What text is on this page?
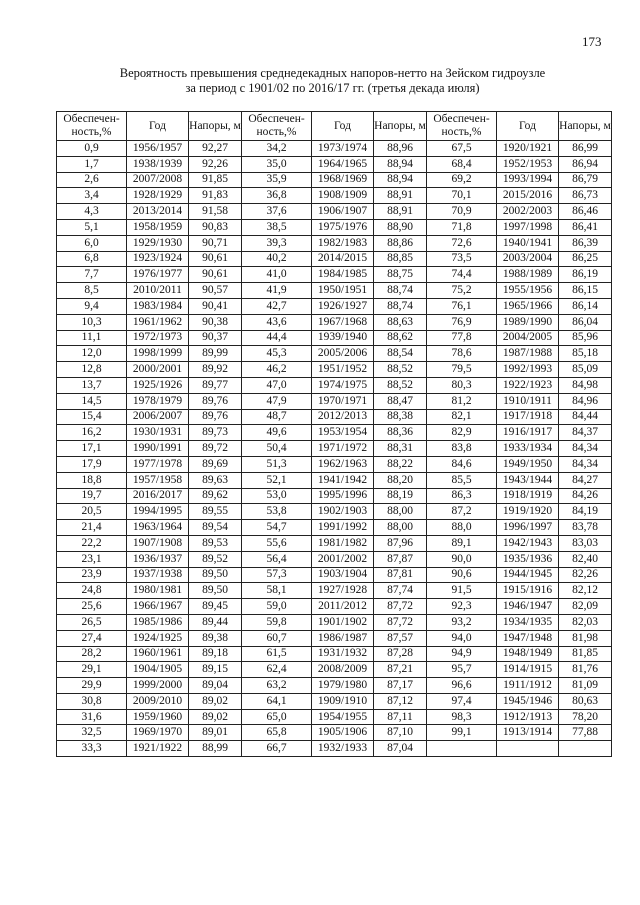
173
Вероятность превышения среднедекадных напоров-нетто на Зейском гидроузле
за период с 1901/02 по 2016/17 гг. (третья декада июля)
Обеспечен-ность,%	Год	Напоры, м	Обеспечен-ность,%	Год	Напоры, м	Обеспечен-ность,%	Год	Напоры, м
0,9	1956/1957	92,27	34,2	1973/1974	88,96	67,5	1920/1921	86,99
1,7	1938/1939	92,26	35,0	1964/1965	88,94	68,4	1952/1953	86,94
2,6	2007/2008	91,85	35,9	1968/1969	88,94	69,2	1993/1994	86,79
3,4	1928/1929	91,83	36,8	1908/1909	88,91	70,1	2015/2016	86,73
4,3	2013/2014	91,58	37,6	1906/1907	88,91	70,9	2002/2003	86,46
5,1	1958/1959	90,83	38,5	1975/1976	88,90	71,8	1997/1998	86,41
6,0	1929/1930	90,71	39,3	1982/1983	88,86	72,6	1940/1941	86,39
6,8	1923/1924	90,61	40,2	2014/2015	88,85	73,5	2003/2004	86,25
7,7	1976/1977	90,61	41,0	1984/1985	88,75	74,4	1988/1989	86,19
8,5	2010/2011	90,57	41,9	1950/1951	88,74	75,2	1955/1956	86,15
9,4	1983/1984	90,41	42,7	1926/1927	88,74	76,1	1965/1966	86,14
10,3	1961/1962	90,38	43,6	1967/1968	88,63	76,9	1989/1990	86,04
11,1	1972/1973	90,37	44,4	1939/1940	88,62	77,8	2004/2005	85,96
12,0	1998/1999	89,99	45,3	2005/2006	88,54	78,6	1987/1988	85,18
12,8	2000/2001	89,92	46,2	1951/1952	88,52	79,5	1992/1993	85,09
13,7	1925/1926	89,77	47,0	1974/1975	88,52	80,3	1922/1923	84,98
14,5	1978/1979	89,76	47,9	1970/1971	88,47	81,2	1910/1911	84,96
15,4	2006/2007	89,76	48,7	2012/2013	88,38	82,1	1917/1918	84,44
16,2	1930/1931	89,73	49,6	1953/1954	88,36	82,9	1916/1917	84,37
17,1	1990/1991	89,72	50,4	1971/1972	88,31	83,8	1933/1934	84,34
17,9	1977/1978	89,69	51,3	1962/1963	88,22	84,6	1949/1950	84,34
18,8	1957/1958	89,63	52,1	1941/1942	88,20	85,5	1943/1944	84,27
19,7	2016/2017	89,62	53,0	1995/1996	88,19	86,3	1918/1919	84,26
20,5	1994/1995	89,55	53,8	1902/1903	88,00	87,2	1919/1920	84,19
21,4	1963/1964	89,54	54,7	1991/1992	88,00	88,0	1996/1997	83,78
22,2	1907/1908	89,53	55,6	1981/1982	87,96	89,1	1942/1943	83,03
23,1	1936/1937	89,52	56,4	2001/2002	87,87	90,0	1935/1936	82,40
23,9	1937/1938	89,50	57,3	1903/1904	87,81	90,6	1944/1945	82,26
24,8	1980/1981	89,50	58,1	1927/1928	87,74	91,5	1915/1916	82,12
25,6	1966/1967	89,45	59,0	2011/2012	87,72	92,3	1946/1947	82,09
26,5	1985/1986	89,44	59,8	1901/1902	87,72	93,2	1934/1935	82,03
27,4	1924/1925	89,38	60,7	1986/1987	87,57	94,0	1947/1948	81,98
28,2	1960/1961	89,18	61,5	1931/1932	87,28	94,9	1948/1949	81,85
29,1	1904/1905	89,15	62,4	2008/2009	87,21	95,7	1914/1915	81,76
29,9	1999/2000	89,04	63,2	1979/1980	87,17	96,6	1911/1912	81,09
30,8	2009/2010	89,02	64,1	1909/1910	87,12	97,4	1945/1946	80,63
31,6	1959/1960	89,02	65,0	1954/1955	87,11	98,3	1912/1913	78,20
32,5	1969/1970	89,01	65,8	1905/1906	87,10	99,1	1913/1914	77,88
33,3	1921/1922	88,99	66,7	1932/1933	87,04			
